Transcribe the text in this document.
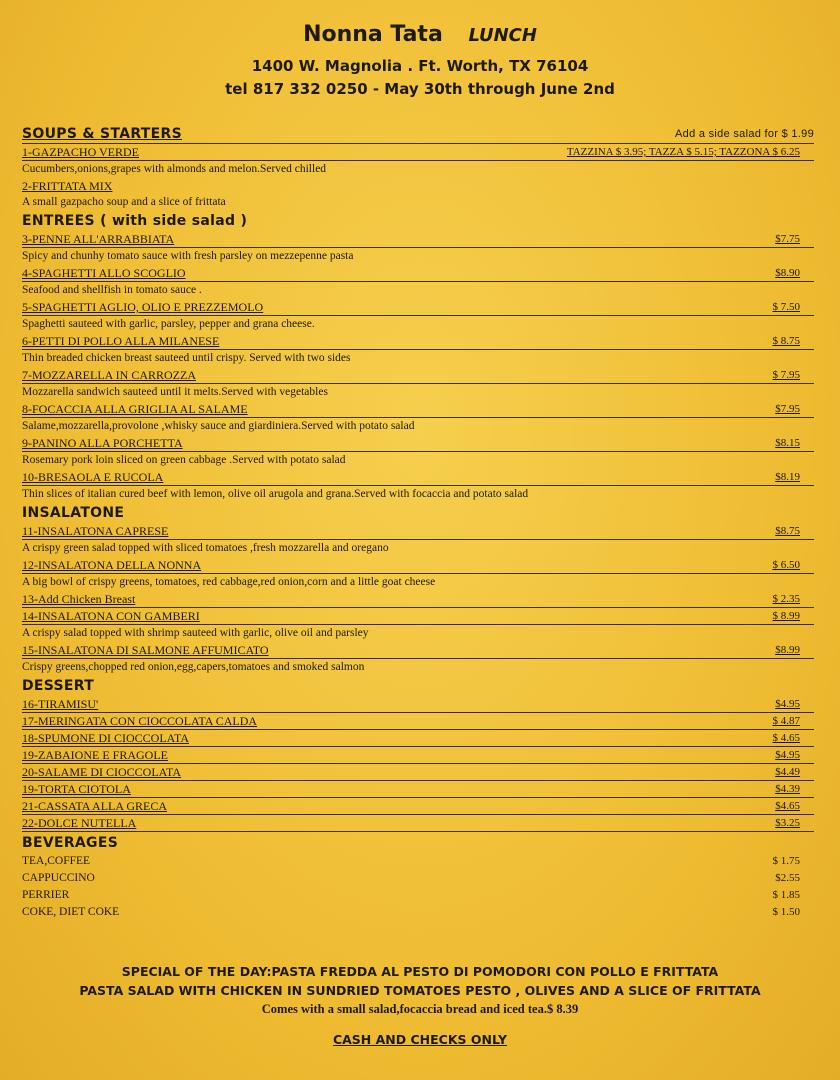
Nonna Tata LUNCH
1400 W. Magnolia . Ft. Worth, TX 76104
tel 817 332 0250 - May 30th through June 2nd
SOUPS & STARTERS	Add a side salad for $ 1.99
1-GAZPACHO VERDE	TAZZINA $ 3.95; TAZZA $ 5.15; TAZZONA $ 6.25
Cucumbers,onions,grapes with almonds and melon.Served chilled
2-FRITTATA MIX
A small gazpacho soup and a slice of frittata
ENTREES ( with side salad )
3-PENNE ALL'ARRABBIATA	$7.75
Spicy and chunhy tomato sauce with fresh parsley on mezzepenne pasta
4-SPAGHETTI ALLO SCOGLIO	$8.90
Seafood and shellfish in tomato sauce .
5-SPAGHETTI AGLIO, OLIO E PREZZEMOLO	$ 7.50
Spaghetti sauteed with garlic, parsley, pepper and grana cheese.
6-PETTI DI POLLO ALLA MILANESE	$ 8.75
Thin breaded chicken breast sauteed until crispy. Served with two sides
7-MOZZARELLA IN CARROZZA	$ 7.95
Mozzarella sandwich sauteed until it melts.Served with vegetables
8-FOCACCIA ALLA GRIGLIA AL SALAME	$7.95
Salame,mozzarella,provolone ,whisky sauce and giardiniera.Served with potato salad
9-PANINO ALLA PORCHETTA	$8.15
Rosemary pork loin sliced on green cabbage .Served with potato salad
10-BRESAOLA E RUCOLA	$8.19
Thin slices of italian cured beef with lemon, olive oil arugola and grana.Served with focaccia and potato salad
INSALATONE
11-INSALATONA CAPRESE	$8.75
A crispy green salad topped with sliced tomatoes ,fresh mozzarella and oregano
12-INSALATONA DELLA NONNA	$ 6.50
A big bowl of crispy greens, tomatoes, red cabbage,red onion,corn and a little goat cheese
13-Add Chicken Breast	$ 2.35
14-INSALATONA CON GAMBERI	$ 8.99
A crispy salad topped with shrimp sauteed with garlic, olive oil and parsley
15-INSALATONA DI SALMONE AFFUMICATO	$8.99
Crispy greens,chopped red onion,egg,capers,tomatoes and smoked salmon
DESSERT
16-TIRAMISU'	$4.95
17-MERINGATA CON CIOCCOLATA CALDA	$ 4.87
18-SPUMONE DI CIOCCOLATA	$ 4.65
19-ZABAIONE E FRAGOLE	$4.95
20-SALAME DI CIOCCOLATA	$4.49
19-TORTA CIOTOLA	$4.39
21-CASSATA ALLA GRECA	$4.65
22-DOLCE NUTELLA	$3.25
BEVERAGES
TEA,COFFEE	$ 1.75
CAPPUCCINO	$2.55
PERRIER	$ 1.85
COKE, DIET COKE	$ 1.50
SPECIAL OF THE DAY:PASTA FREDDA AL PESTO DI POMODORI CON POLLO E FRITTATA
PASTA SALAD WITH CHICKEN IN SUNDRIED TOMATOES PESTO , OLIVES AND A SLICE OF FRITTATA
Comes with a small salad,focaccia bread and iced tea.$ 8.39
CASH AND CHECKS ONLY
